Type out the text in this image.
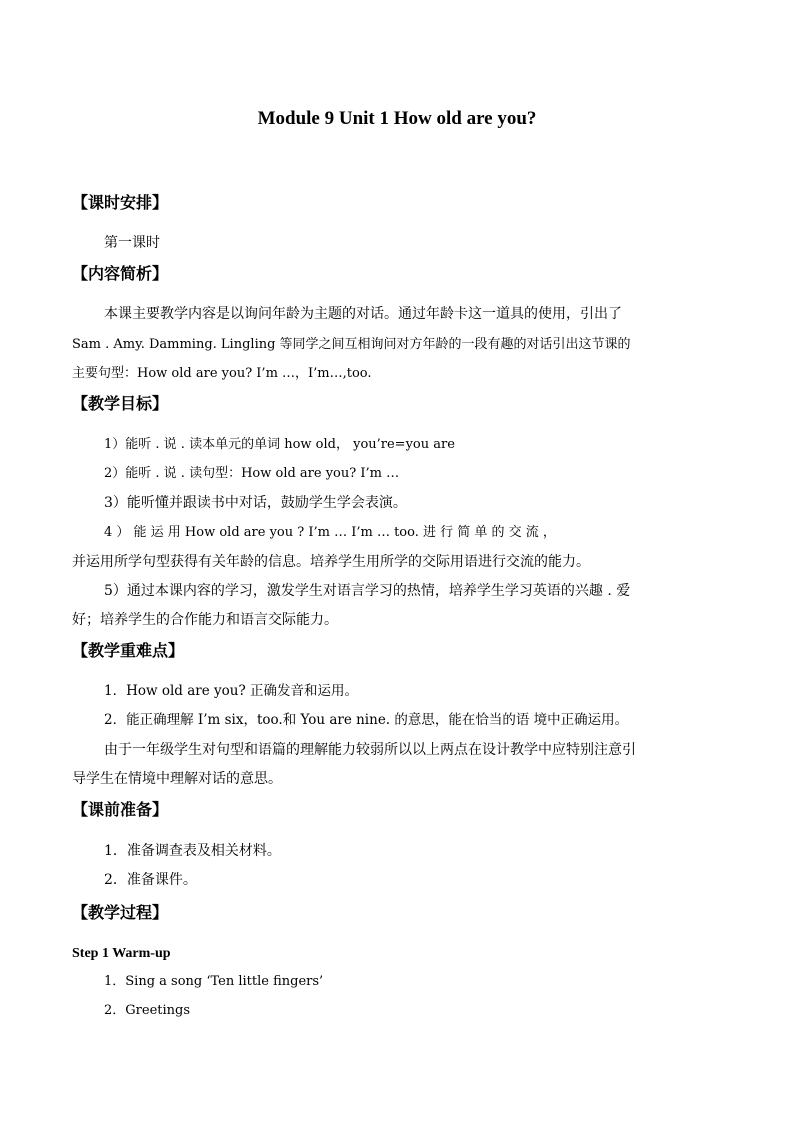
Module 9 Unit 1 How old are you?
【课时安排】
第一课时
【内容简析】
本课主要教学内容是以询问年龄为主题的对话。通过年龄卡这一道具的使用，引出了
Sam . Amy. Damming. Lingling 等同学之间互相询问对方年龄的一段有趣的对话引出这节课的
主要句型：How old are you? I’m …，I’m…,too.
【教学目标】
1）能听 . 说 . 读本单元的单词 how old， you’re=you are
2）能听 . 说 . 读句型：How old are you? I’m …
3）能听懂并跟读书中对话，鼓励学生学会表演。
4 ） 能 运 用 How old are you ? I’m … I’m … too. 进 行 简 单 的 交 流 ，
并运用所学句型获得有关年龄的信息。培养学生用所学的交际用语进行交流的能力。
5）通过本课内容的学习，激发学生对语言学习的热情，培养学生学习英语的兴趣 . 爱
好；培养学生的合作能力和语言交际能力。
【教学重难点】
1．How old are you? 正确发音和运用。
2．能正确理解 I’m six，too.和 You are nine. 的意思，能在恰当的语 境中正确运用。
由于一年级学生对句型和语篇的理解能力较弱所以以上两点在设计教学中应特别注意引
导学生在情境中理解对话的意思。
【课前准备】
1．准备调查表及相关材料。
2．准备课件。
【教学过程】
Step 1 Warm-up
1．Sing a song ‘Ten little fingers’
2．Greetings
